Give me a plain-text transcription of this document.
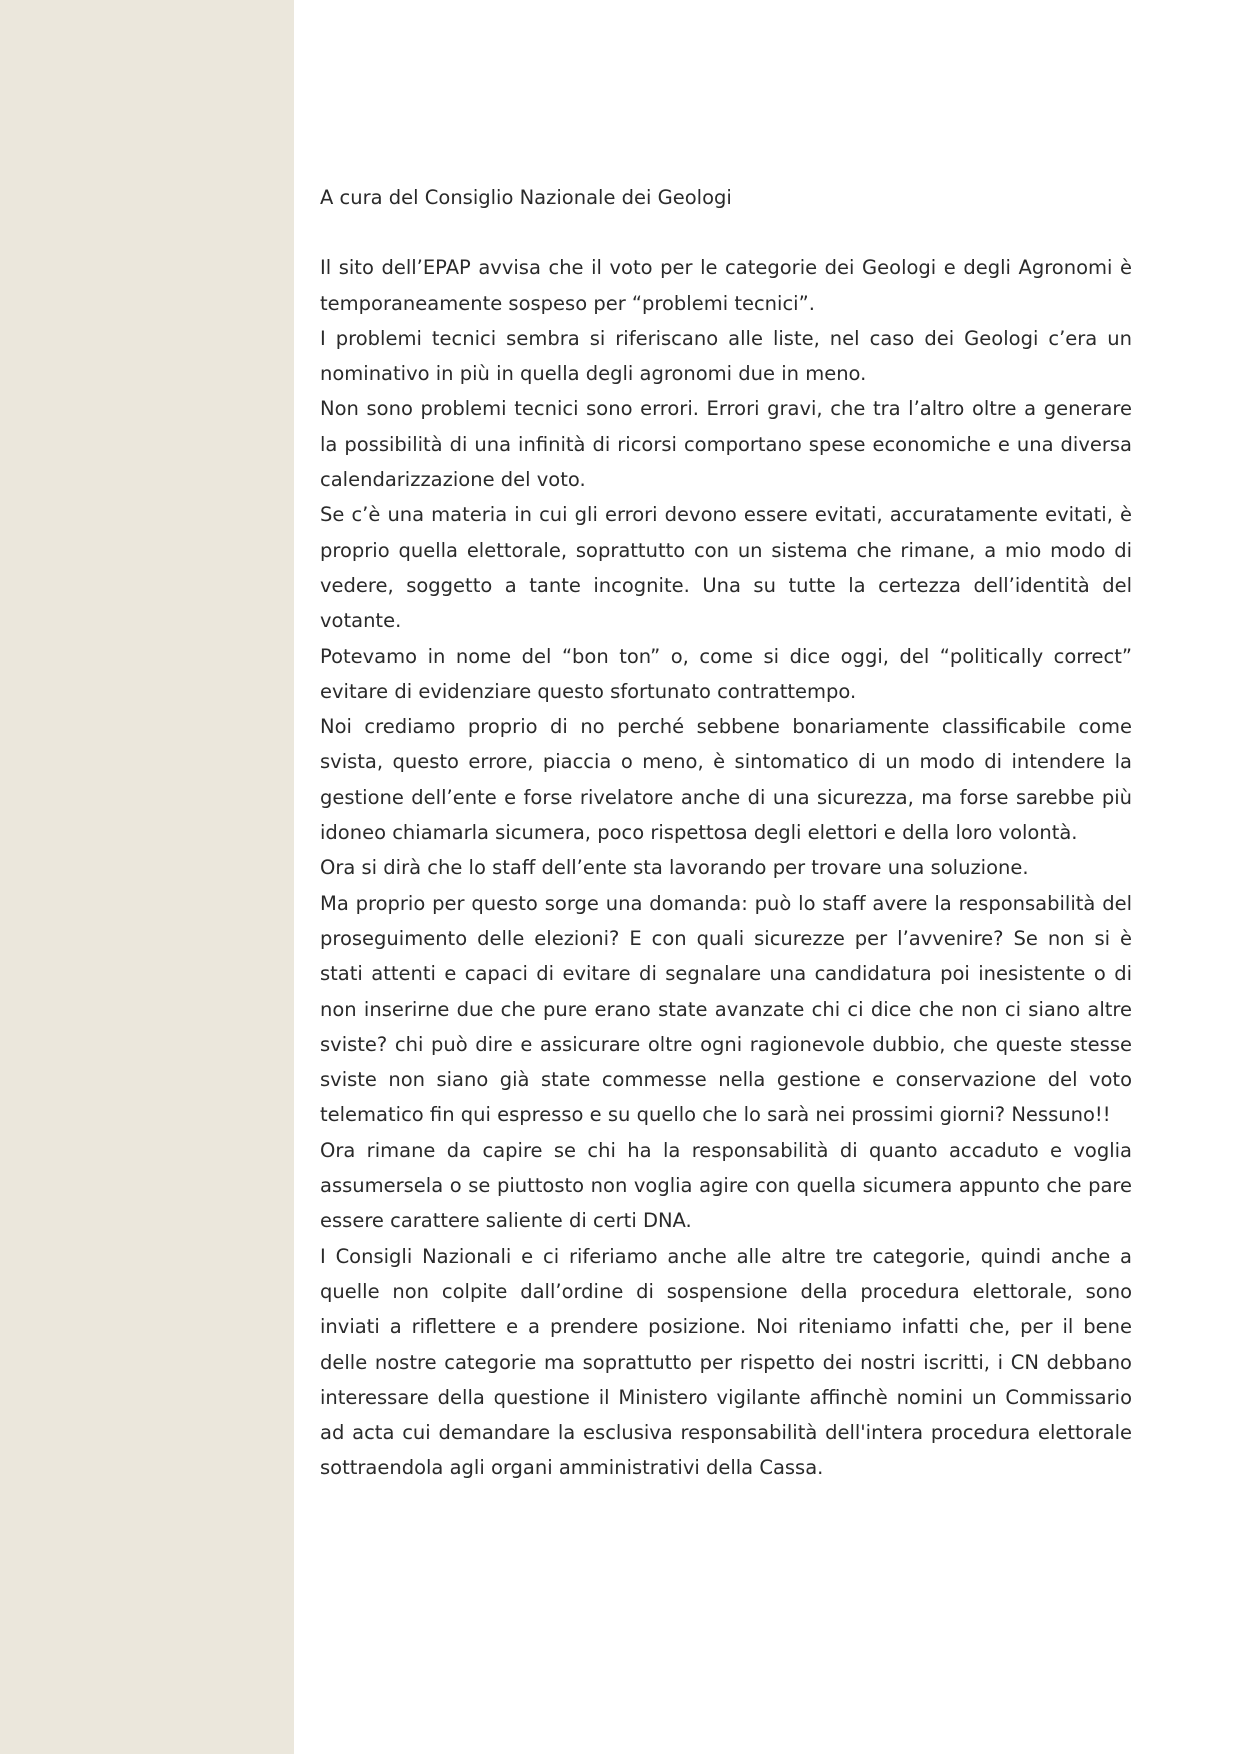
A cura del Consiglio Nazionale dei Geologi

Il sito dell’EPAP avvisa che il voto per le categorie dei Geologi e degli Agronomi è temporaneamente sospeso per “problemi tecnici”.

I problemi tecnici sembra si riferiscano alle liste, nel caso dei Geologi c’era un nominativo in più in quella degli agronomi due in meno.

Non sono problemi tecnici sono errori. Errori gravi, che tra l’altro oltre a generare la possibilità di una infinità di ricorsi comportano spese economiche e una diversa calendarizzazione del voto.

Se c’è una materia in cui gli errori devono essere evitati, accuratamente evitati, è proprio quella elettorale, soprattutto con un sistema che rimane, a mio modo di vedere, soggetto a tante incognite. Una su tutte la certezza dell’identità del votante.

Potevamo in nome del “bon ton” o, come si dice oggi, del “politically correct” evitare di evidenziare questo sfortunato contrattempo.

Noi crediamo proprio di no perché sebbene bonariamente classificabile come svista, questo errore, piaccia o meno, è sintomatico di un modo di intendere la gestione dell’ente e forse rivelatore anche di una sicurezza, ma forse sarebbe più idoneo chiamarla sicumera, poco rispettosa degli elettori e della loro volontà.

Ora si dirà che lo staff dell’ente sta lavorando per trovare una soluzione.

Ma proprio per questo sorge una domanda: può lo staff avere la responsabilità del proseguimento delle elezioni? E con quali sicurezze per l’avvenire? Se non si è stati attenti e capaci di evitare di segnalare una candidatura poi inesistente o di non inserirne due che pure erano state avanzate chi ci dice che non ci siano altre sviste? chi può dire e assicurare oltre ogni ragionevole dubbio, che queste stesse sviste non siano già state commesse nella gestione e conservazione del voto telematico fin qui espresso e su quello che lo sarà nei prossimi giorni? Nessuno!!

Ora rimane da capire se chi ha la responsabilità di quanto accaduto e voglia assumersela o se piuttosto non voglia agire con quella sicumera appunto che pare essere carattere saliente di certi DNA.

I Consigli Nazionali e ci riferiamo anche alle altre tre categorie, quindi anche a quelle non colpite dall’ordine di sospensione della procedura elettorale, sono inviati a riflettere e a prendere posizione. Noi riteniamo infatti che, per il bene delle nostre categorie ma soprattutto per rispetto dei nostri iscritti, i CN debbano interessare della questione il Ministero vigilante affinchè nomini un Commissario ad acta cui demandare la esclusiva responsabilità dell'intera procedura elettorale sottraendola agli organi amministrativi della Cassa.
